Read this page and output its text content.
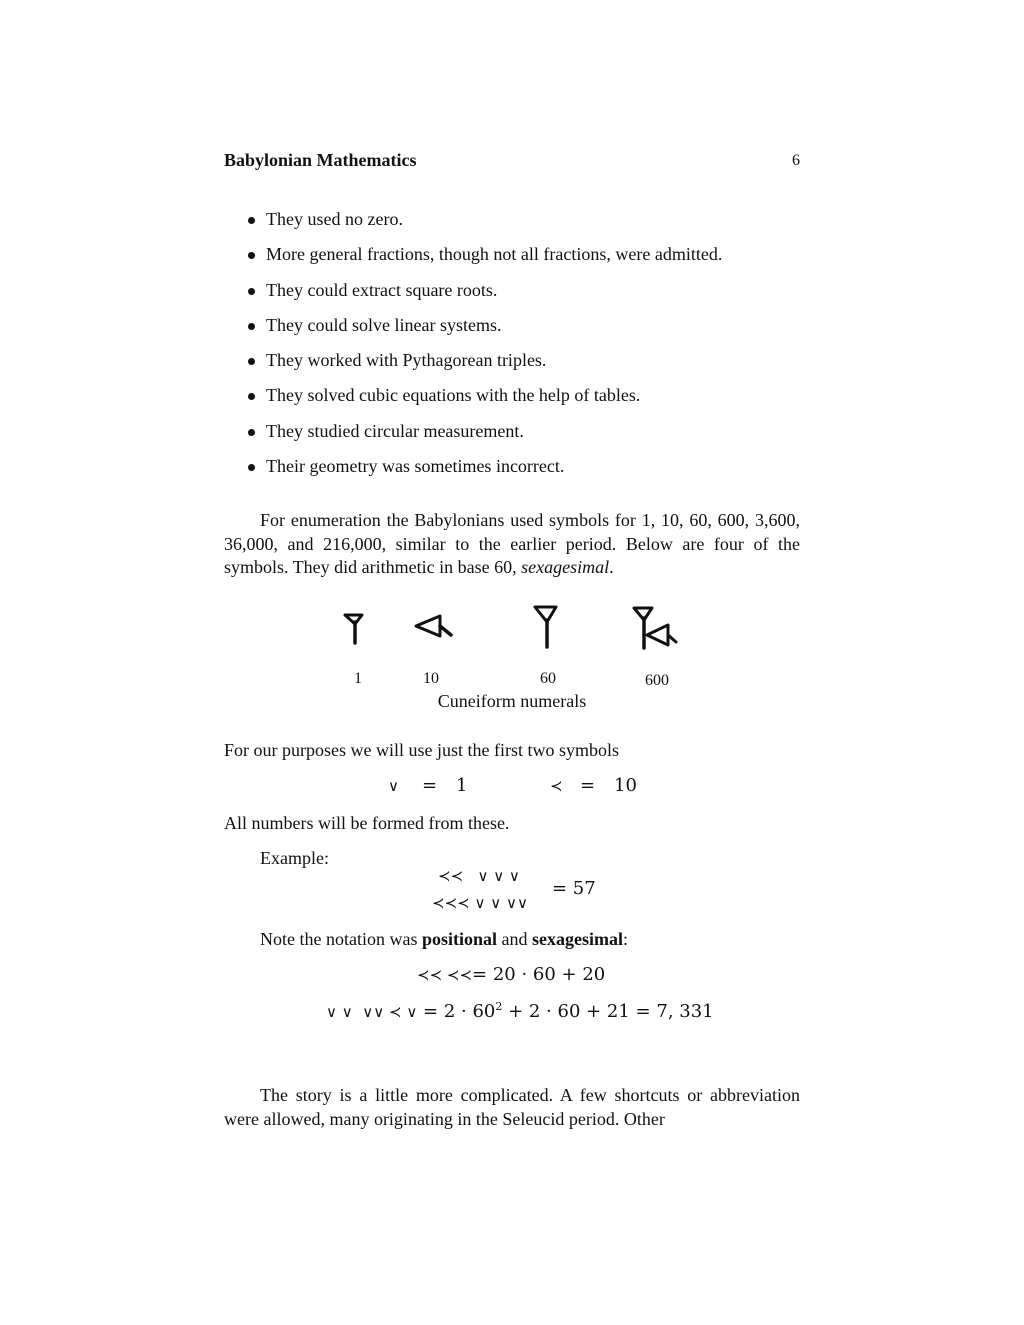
Babylonian Mathematics	6
They used no zero.
More general fractions, though not all fractions, were admitted.
They could extract square roots.
They could solve linear systems.
They worked with Pythagorean triples.
They solved cubic equations with the help of tables.
They studied circular measurement.
Their geometry was sometimes incorrect.

For enumeration the Babylonians used symbols for 1, 10, 60, 600, 3,600, 36,000, and 216,000, similar to the earlier period. Below are four of the symbols. They did arithmetic in base 60, sexagesimal.

1	10	60	600
Cuneiform numerals
For our purposes we will use just the first two symbols
∨ = 1	≺ = 10
All numbers will be formed from these.
Example:
≺≺   ∨ ∨ ∨
≺≺≺ ∨ ∨ ∨∨
= 57
Note the notation was positional and sexagesimal:
≺≺ ≺≺= 20 · 60 + 20
∨ ∨  ∨∨ ≺ ∨ = $2 \cdot 60^2 + 2 \cdot 60 + 21 = 7$, 331

The story is a little more complicated. A few shortcuts or abbreviation were allowed, many originating in the Seleucid period. Other
